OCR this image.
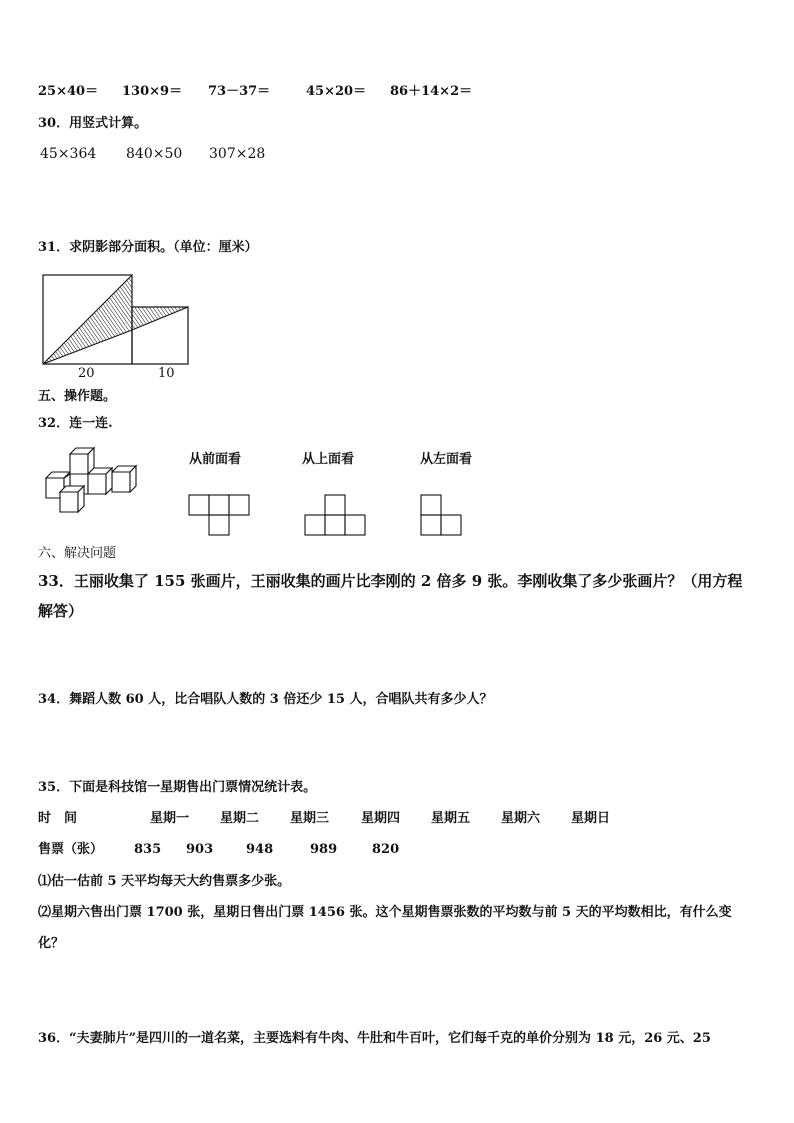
25×40＝ 130×9＝ 73－37＝	45×20＝ 86＋14×2＝
30．用竖式计算。
45×364 840×50 307×28
31．求阴影部分面积。（单位：厘米）
20	10
五、操作题。
32．连一连.
从前面看	从上面看	从左面看
六、解决问题
33．王丽收集了 155 张画片，王丽收集的画片比李刚的 2 倍多 9 张。李刚收集了多少张画片？（用方程
解答）
34．舞蹈人数 60 人，比合唱队人数的 3 倍还少 15 人，合唱队共有多少人？
35．下面是科技馆一星期售出门票情况统计表。
时　间	星期一 星期二 星期三 星期四 星期五 星期六 星期日
售票（张） 835 903	948	989	820
⑴估一估前 5 天平均每天大约售票多少张。
⑵星期六售出门票 1700 张，星期日售出门票 1456 张。这个星期售票张数的平均数与前 5 天的平均数相比，有什么变
化？
36．“夫妻肺片”是四川的一道名菜，主要选料有牛肉、牛肚和牛百叶，它们每千克的单价分别为 18 元，26 元、25
